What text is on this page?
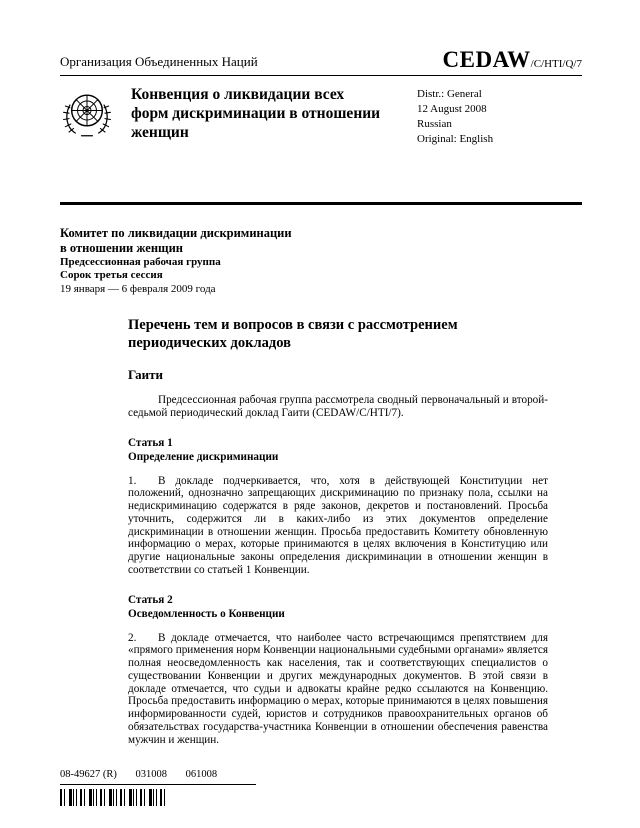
Организация Объединенных Наций	CEDAW/C/HTI/Q/7
Конвенция о ликвидации всех форм дискриминации в отношении женщин
Distr.: General
12 August 2008
Russian
Original: English
Комитет по ликвидации дискриминации
в отношении женщин
Предсессионная рабочая группа
Сорок третья сессия
19 января — 6 февраля 2009 года
Перечень тем и вопросов в связи с рассмотрением периодических докладов
Гаити

Предсессионная рабочая группа рассмотрела сводный первоначальный и второй-седьмой периодический доклад Гаити (CEDAW/C/HTI/7).

Статья 1
Определение дискриминации

1. В докладе подчеркивается, что, хотя в действующей Конституции нет положений, однозначно запрещающих дискриминацию по признаку пола, ссылки на недискриминацию содержатся в ряде законов, декретов и постановлений. Просьба уточнить, содержится ли в каких-либо из этих документов определение дискриминации в отношении женщин. Просьба предоставить Комитету обновленную информацию о мерах, которые принимаются в целях включения в Конституцию или другие национальные законы определения дискриминации в отношении женщин в соответствии со статьей 1 Конвенции.

Статья 2
Осведомленность о Конвенции

2. В докладе отмечается, что наиболее часто встречающимся препятствием для «прямого применения норм Конвенции национальными судебными органами» является полная неосведомленность как населения, так и соответствующих специалистов о существовании Конвенции и других международных документов. В этой связи в докладе отмечается, что судьи и адвокаты крайне редко ссылаются на Конвенцию. Просьба предоставить информацию о мерах, которые принимаются в целях повышения информированности судей, юристов и сотрудников правоохранительных органов об обязательствах государства-участника Конвенции в отношении обеспечения равенства мужчин и женщин.

08-49627 (R) 031008 061008
